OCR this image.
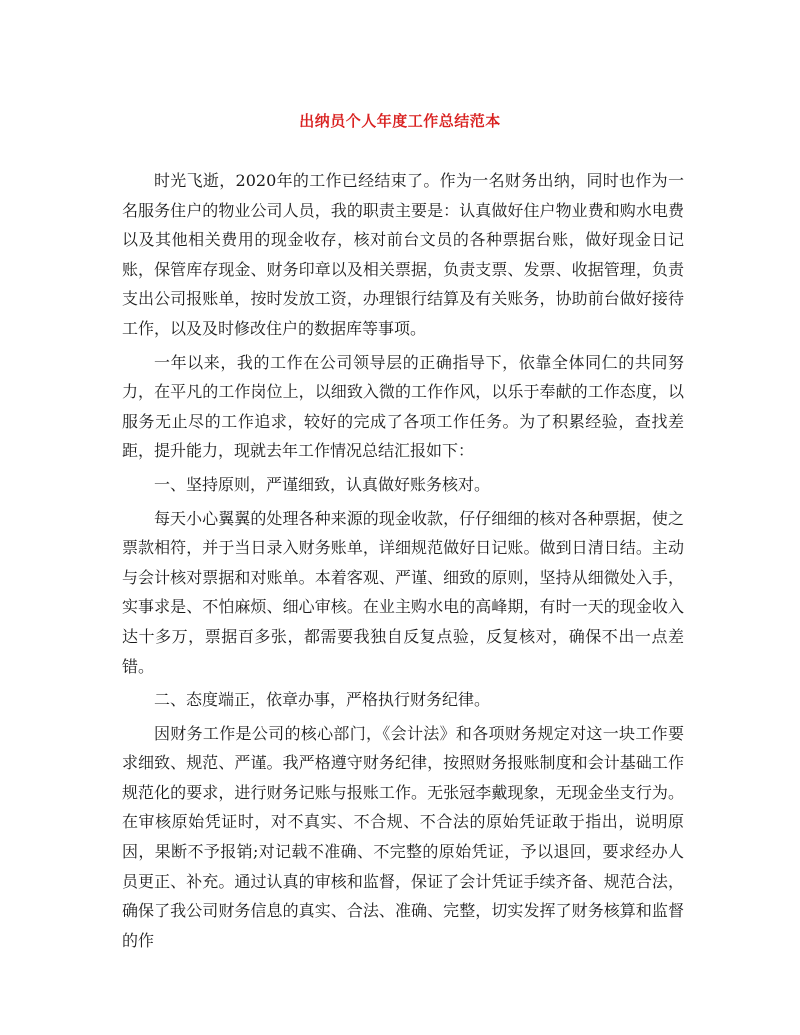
出纳员个人年度工作总结范本

时光飞逝，2020年的工作已经结束了。作为一名财务出纳，同时也作为一名服务住户的物业公司人员，我的职责主要是：认真做好住户物业费和购水电费以及其他相关费用的现金收存，核对前台文员的各种票据台账，做好现金日记账，保管库存现金、财务印章以及相关票据，负责支票、发票、收据管理，负责支出公司报账单，按时发放工资，办理银行结算及有关账务，协助前台做好接待工作，以及及时修改住户的数据库等事项。

一年以来，我的工作在公司领导层的正确指导下，依靠全体同仁的共同努力，在平凡的工作岗位上，以细致入微的工作作风，以乐于奉献的工作态度，以服务无止尽的工作追求，较好的完成了各项工作任务。为了积累经验，查找差距，提升能力，现就去年工作情况总结汇报如下：

一、坚持原则，严谨细致，认真做好账务核对。

每天小心翼翼的处理各种来源的现金收款，仔仔细细的核对各种票据，使之票款相符，并于当日录入财务账单，详细规范做好日记账。做到日清日结。主动与会计核对票据和对账单。本着客观、严谨、细致的原则，坚持从细微处入手，实事求是、不怕麻烦、细心审核。在业主购水电的高峰期，有时一天的现金收入达十多万，票据百多张，都需要我独自反复点验，反复核对，确保不出一点差错。

二、态度端正，依章办事，严格执行财务纪律。

因财务工作是公司的核心部门，《会计法》和各项财务规定对这一块工作要求细致、规范、严谨。我严格遵守财务纪律，按照财务报账制度和会计基础工作规范化的要求，进行财务记账与报账工作。无张冠李戴现象，无现金坐支行为。在审核原始凭证时，对不真实、不合规、不合法的原始凭证敢于指出，说明原因，果断不予报销;对记载不准确、不完整的原始凭证，予以退回，要求经办人员更正、补充。通过认真的审核和监督，保证了会计凭证手续齐备、规范合法，确保了我公司财务信息的真实、合法、准确、完整，切实发挥了财务核算和监督的作
